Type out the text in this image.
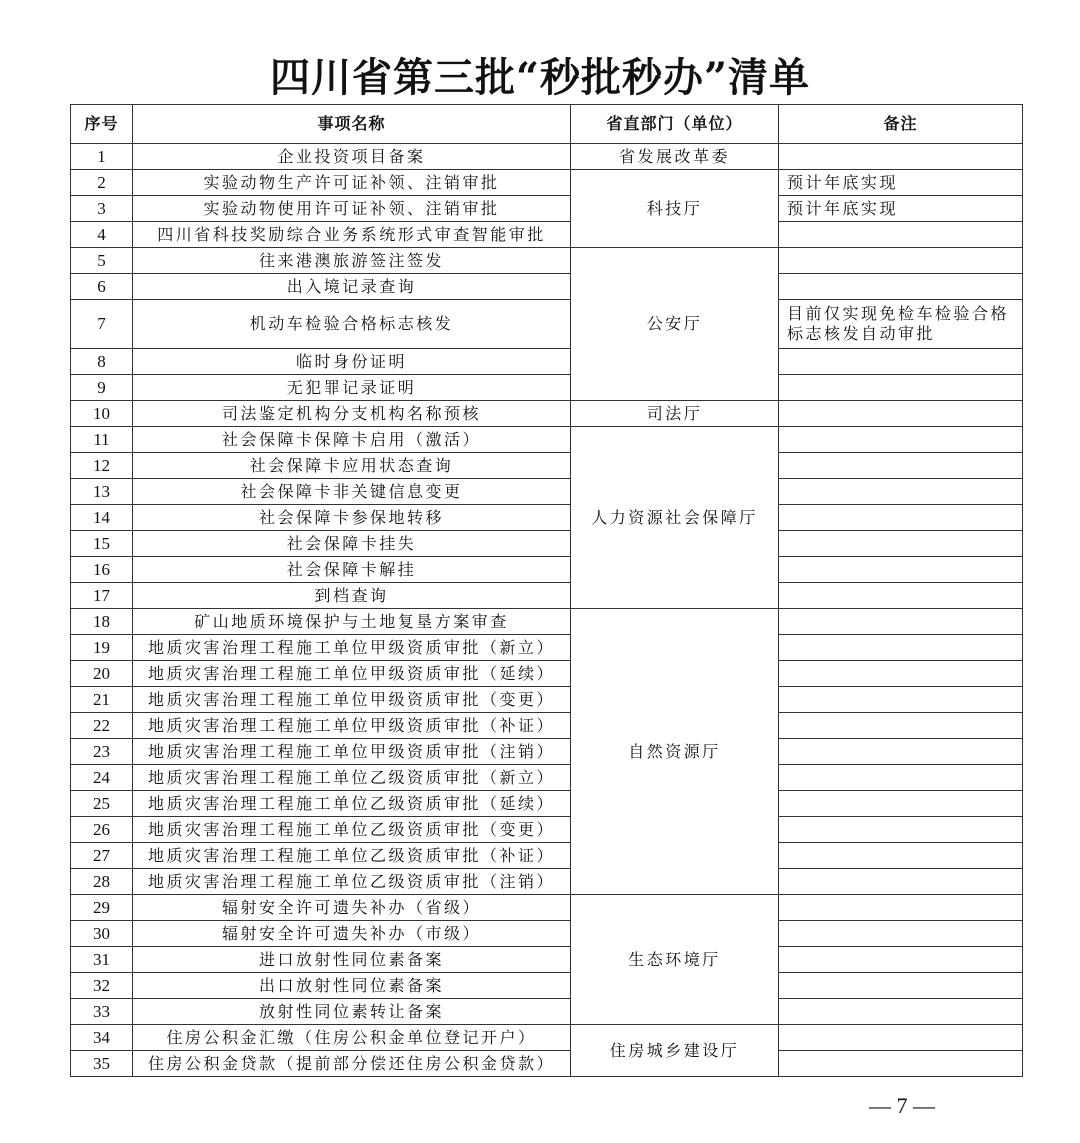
四川省第三批“秒批秒办”清单
序号	事项名称	省直部门（单位）	备注
1	企业投资项目备案	省发展改革委	
2	实验动物生产许可证补领、注销审批	科技厅	预计年底实现
3	实验动物使用许可证补领、注销审批		预计年底实现
4	四川省科技奖励综合业务系统形式审查智能审批		
5	往来港澳旅游签注签发	公安厅	
6	出入境记录查询		
7	机动车检验合格标志核发		目前仅实现免检车检验合格标志核发自动审批
8	临时身份证明		
9	无犯罪记录证明		
10	司法鉴定机构分支机构名称预核	司法厅	
11	社会保障卡保障卡启用（激活）	人力资源社会保障厅	
12	社会保障卡应用状态查询		
13	社会保障卡非关键信息变更		
14	社会保障卡参保地转移		
15	社会保障卡挂失		
16	社会保障卡解挂		
17	到档查询		
18	矿山地质环境保护与土地复垦方案审查	自然资源厅	
19	地质灾害治理工程施工单位甲级资质审批（新立）		
20	地质灾害治理工程施工单位甲级资质审批（延续）		
21	地质灾害治理工程施工单位甲级资质审批（变更）		
22	地质灾害治理工程施工单位甲级资质审批（补证）		
23	地质灾害治理工程施工单位甲级资质审批（注销）		
24	地质灾害治理工程施工单位乙级资质审批（新立）		
25	地质灾害治理工程施工单位乙级资质审批（延续）		
26	地质灾害治理工程施工单位乙级资质审批（变更）		
27	地质灾害治理工程施工单位乙级资质审批（补证）		
28	地质灾害治理工程施工单位乙级资质审批（注销）		
29	辐射安全许可遗失补办（省级）	生态环境厅	
30	辐射安全许可遗失补办（市级）		
31	进口放射性同位素备案		
32	出口放射性同位素备案		
33	放射性同位素转让备案		
34	住房公积金汇缴（住房公积金单位登记开户）	住房城乡建设厅	
35	住房公积金贷款（提前部分偿还住房公积金贷款）		
— 7 —
